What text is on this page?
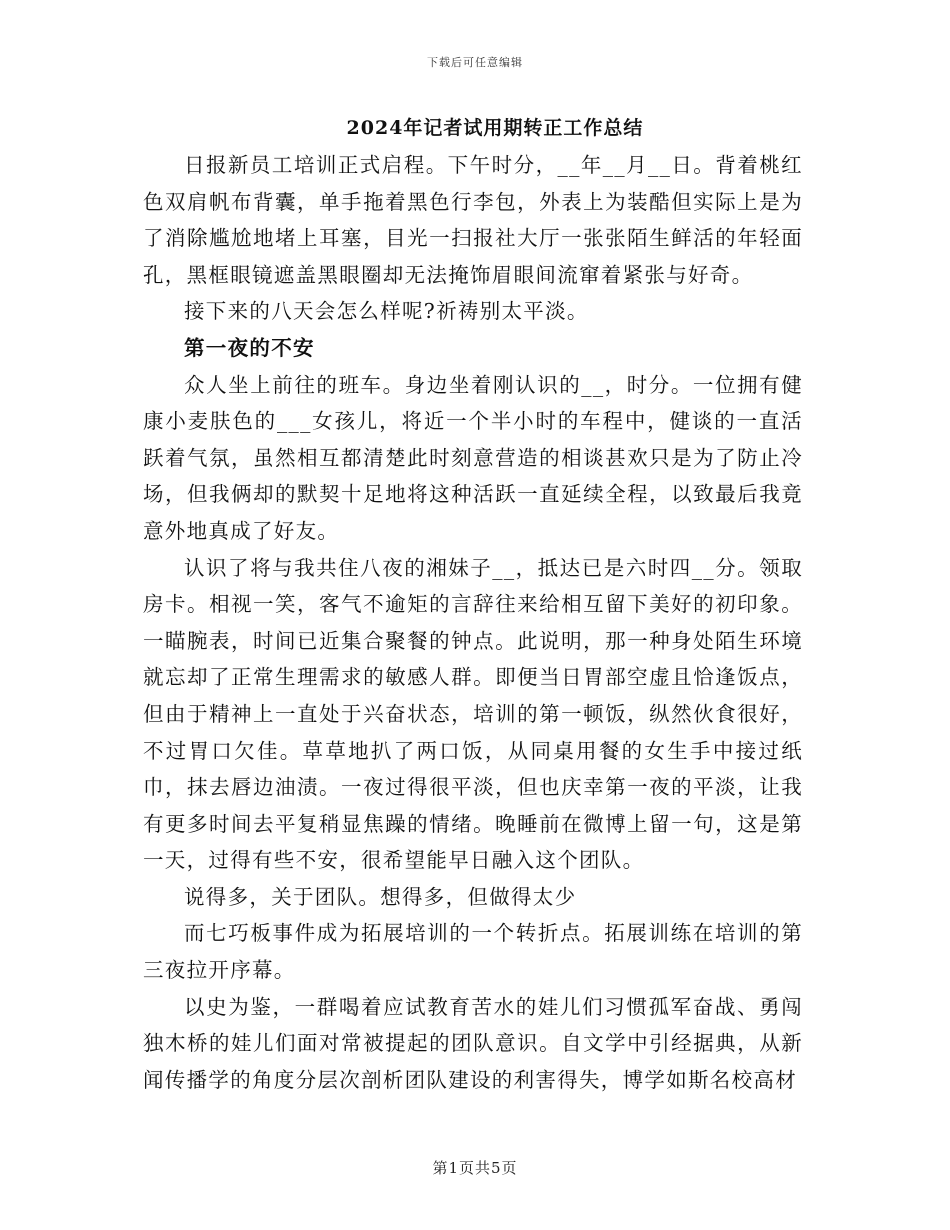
下载后可任意编辑
2024年记者试用期转正工作总结

日报新员工培训正式启程。下午时分，__年__月__日。背着桃红色双肩帆布背囊，单手拖着黑色行李包，外表上为装酷但实际上是为了消除尴尬地堵上耳塞，目光一扫报社大厅一张张陌生鲜活的年轻面孔，黑框眼镜遮盖黑眼圈却无法掩饰眉眼间流窜着紧张与好奇。

接下来的八天会怎么样呢?祈祷别太平淡。

第一夜的不安

众人坐上前往的班车。身边坐着刚认识的__，时分。一位拥有健康小麦肤色的___女孩儿，将近一个半小时的车程中，健谈的一直活跃着气氛，虽然相互都清楚此时刻意营造的相谈甚欢只是为了防止冷场，但我俩却的默契十足地将这种活跃一直延续全程，以致最后我竟意外地真成了好友。

认识了将与我共住八夜的湘妹子__，抵达已是六时四__分。领取房卡。相视一笑，客气不逾矩的言辞往来给相互留下美好的初印象。一瞄腕表，时间已近集合聚餐的钟点。此说明，那一种身处陌生环境就忘却了正常生理需求的敏感人群。即便当日胃部空虚且恰逢饭点，但由于精神上一直处于兴奋状态，培训的第一顿饭，纵然伙食很好，不过胃口欠佳。草草地扒了两口饭，从同桌用餐的女生手中接过纸巾，抹去唇边油渍。一夜过得很平淡，但也庆幸第一夜的平淡，让我有更多时间去平复稍显焦躁的情绪。晚睡前在微博上留一句，这是第一天，过得有些不安，很希望能早日融入这个团队。

说得多，关于团队。想得多，但做得太少

而七巧板事件成为拓展培训的一个转折点。拓展训练在培训的第三夜拉开序幕。

以史为鉴，一群喝着应试教育苦水的娃儿们习惯孤军奋战、勇闯独木桥的娃儿们面对常被提起的团队意识。自文学中引经据典，从新闻传播学的角度分层次剖析团队建设的利害得失，博学如斯名校高材

第1页共5页
